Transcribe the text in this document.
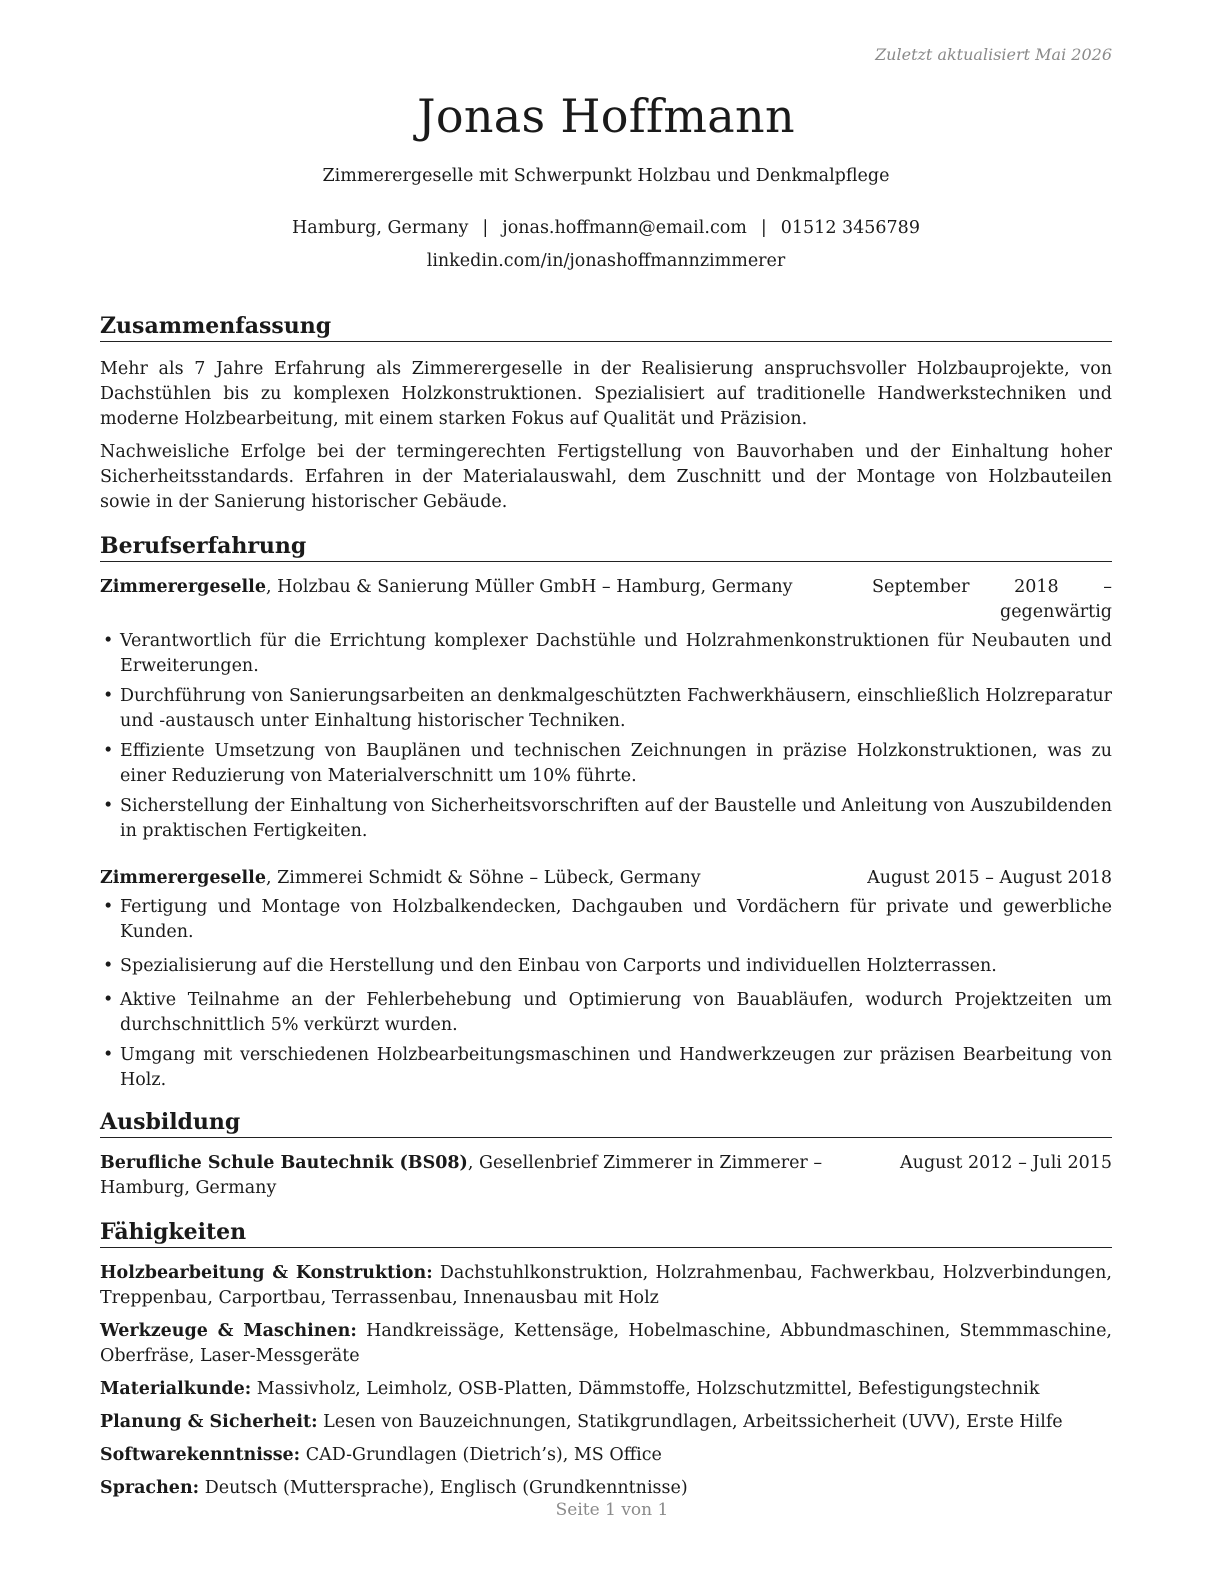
Zuletzt aktualisiert Mai 2026
Jonas Hoffmann
Zimmerergeselle mit Schwerpunkt Holzbau und Denkmalpflege
Hamburg, Germany | jonas.hoffmann@email.com | 01512 3456789
linkedin.com/in/jonashoffmannzimmerer
Zusammenfassung

Mehr als 7 Jahre Erfahrung als Zimmerergeselle in der Realisierung anspruchsvoller Holzbauprojekte, von Dachstühlen bis zu komplexen Holzkonstruktionen. Spezialisiert auf traditionelle Handwerkstechniken und moderne Holzbearbeitung, mit einem starken Fokus auf Qualität und Präzision.

Nachweisliche Erfolge bei der termingerechten Fertigstellung von Bauvorhaben und der Einhaltung hoher Sicherheitsstandards. Erfahren in der Materialauswahl, dem Zuschnitt und der Montage von Holzbauteilen sowie in der Sanierung historischer Gebäude.

Berufserfahrung
Zimmerergeselle, Holzbau & Sanierung Müller GmbH – Hamburg, Germany	September 2018 – gegenwärtig
• Verantwortlich für die Errichtung komplexer Dachstühle und Holzrahmenkonstruktionen für Neubauten und Erweiterungen.
• Durchführung von Sanierungsarbeiten an denkmalgeschützten Fachwerkhäusern, einschließlich Holzreparatur und -austausch unter Einhaltung historischer Techniken.
• Effiziente Umsetzung von Bauplänen und technischen Zeichnungen in präzise Holzkonstruktionen, was zu einer Reduzierung von Materialverschnitt um 10% führte.
• Sicherstellung der Einhaltung von Sicherheitsvorschriften auf der Baustelle und Anleitung von Auszubildenden in praktischen Fertigkeiten.
Zimmerergeselle, Zimmerei Schmidt & Söhne – Lübeck, Germany	August 2015 – August 2018
• Fertigung und Montage von Holzbalkendecken, Dachgauben und Vordächern für private und gewerbliche Kunden.
• Spezialisierung auf die Herstellung und den Einbau von Carports und individuellen Holzterrassen.
• Aktive Teilnahme an der Fehlerbehebung und Optimierung von Bauabläufen, wodurch Projektzeiten um durchschnittlich 5% verkürzt wurden.
• Umgang mit verschiedenen Holzbearbeitungsmaschinen und Handwerkzeugen zur präzisen Bearbeitung von Holz.
Ausbildung
Berufliche Schule Bautechnik (BS08), Gesellenbrief Zimmerer in Zimmerer – Hamburg, Germany
August 2012 – Juli 2015
Fähigkeiten
Holzbearbeitung & Konstruktion: Dachstuhlkonstruktion, Holzrahmenbau, Fachwerkbau, Holzverbindungen, Treppenbau, Carportbau, Terrassenbau, Innenausbau mit Holz
Werkzeuge & Maschinen: Handkreissäge, Kettensäge, Hobelmaschine, Abbundmaschinen, Stemmmaschine, Oberfräse, Laser-Messgeräte
Materialkunde: Massivholz, Leimholz, OSB-Platten, Dämmstoffe, Holzschutzmittel, Befestigungstechnik
Planung & Sicherheit: Lesen von Bauzeichnungen, Statikgrundlagen, Arbeitssicherheit (UVV), Erste Hilfe
Softwarekenntnisse: CAD-Grundlagen (Dietrich’s), MS Office
Sprachen: Deutsch (Muttersprache), Englisch (Grundkenntnisse)
Seite 1 von 1
